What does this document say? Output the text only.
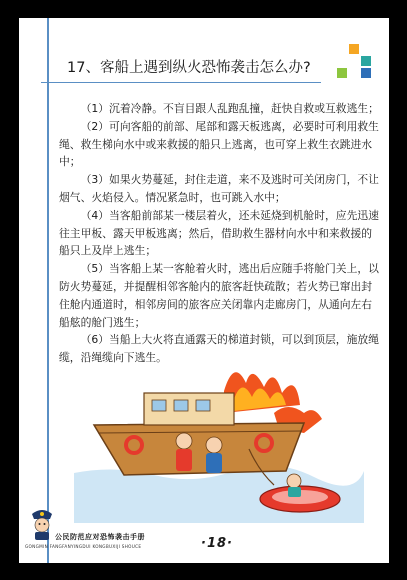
17、客船上遇到纵火恐怖袭击怎么办?

（1）沉着冷静。不盲目跟人乱跑乱撞，赶快自救或互救逃生；

（2）可向客船的前部、尾部和露天板逃离，必要时可利用救生绳、救生梯向水中或来救援的船只上逃离，也可穿上救生衣跳进水中；

（3）如果火势蔓延，封住走道，来不及逃时可关闭房门，不让烟气、火焰侵入。情况紧急时，也可跳入水中；

（4）当客船前部某一楼层着火，还未延烧到机舱时，应先迅速往主甲板、露天甲板逃离；然后，借助救生器材向水中和来救援的船只上及岸上逃生；

（5）当客船上某一客舱着火时，逃出后应随手将舱门关上，以防火势蔓延，并提醒相邻客舱内的旅客赶快疏散；若火势已窜出封住舱内通道时，相邻房间的旅客应关闭靠内走廊房门，从通向左右船舷的舱门逃生；

（6）当船上大火将直通露天的梯道封锁，可以到顶层，施放绳缆，沿绳缆向下逃生。

公民防范应对恐怖袭击手册
GONGMIN FANGFANYINGDUI KONGBUXIJI SHOUCE	·18·
